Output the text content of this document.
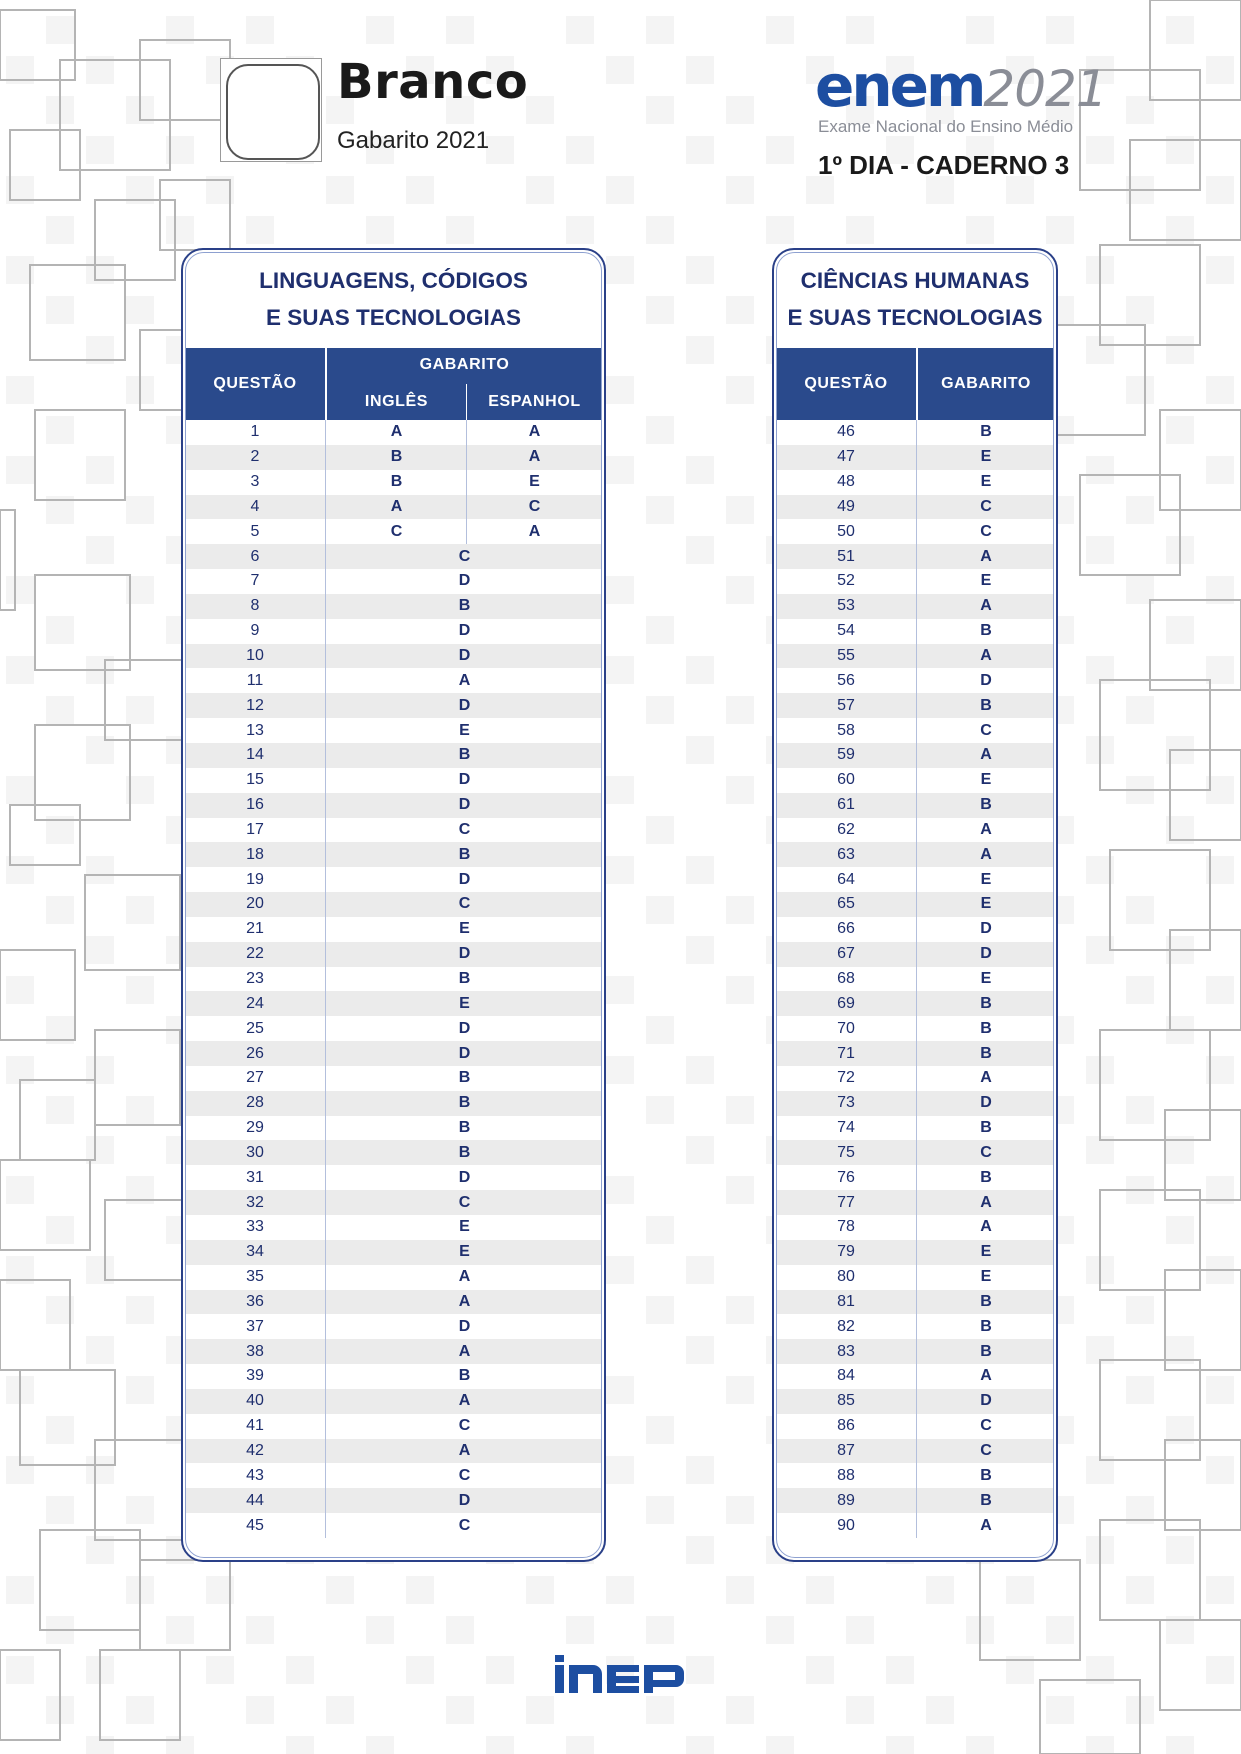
Branco
Gabarito 2021
enem2021
Exame Nacional do Ensino Médio
1º DIA - CADERNO 3
LINGUAGENS, CÓDIGOS
E SUAS TECNOLOGIAS
QUESTÃO
GABARITO
INGLÊS	ESPANHOL
1	A	A
2	B	A
3	B	E
4	A	C
5	C	A
6	C
7	D
8	B
9	D
10	D
11	A
12	D
13	E
14	B
15	D
16	D
17	C
18	B
19	D
20	C
21	E
22	D
23	B
24	E
25	D
26	D
27	B
28	B
29	B
30	B
31	D
32	C
33	E
34	E
35	A
36	A
37	D
38	A
39	B
40	A
41	C
42	A
43	C
44	D
45	C
CIÊNCIAS HUMANAS
E SUAS TECNOLOGIAS
QUESTÃO	GABARITO
46	B
47	E
48	E
49	C
50	C
51	A
52	E
53	A
54	B
55	A
56	D
57	B
58	C
59	A
60	E
61	B
62	A
63	A
64	E
65	E
66	D
67	D
68	E
69	B
70	B
71	B
72	A
73	D
74	B
75	C
76	B
77	A
78	A
79	E
80	E
81	B
82	B
83	B
84	A
85	D
86	C
87	C
88	B
89	B
90	A
